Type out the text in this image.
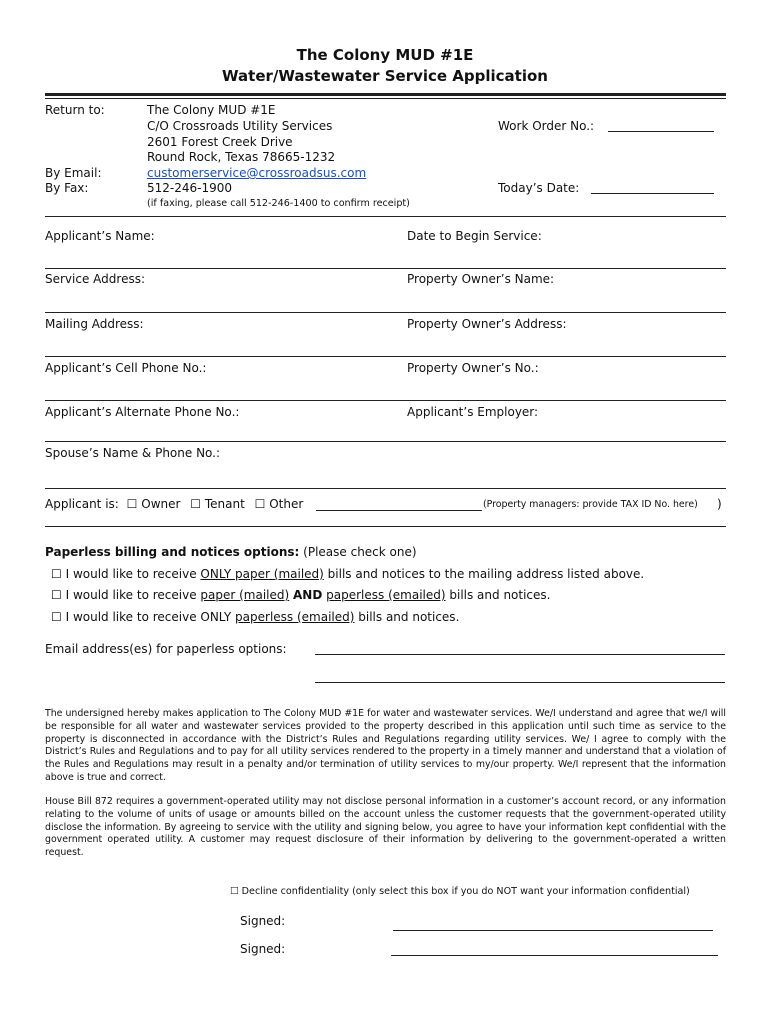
The Colony MUD #1E
Water/Wastewater Service Application
Return to:	The Colony MUD #1E
C/O Crossroads Utility Services
2601 Forest Creek Drive
Round Rock, Texas 78665-1232
By Email:	customerservice@crossroadsus.com
By Fax:	512-246-1900
(if faxing, please call 512-246-1400 to confirm receipt)
Work Order No.:
Today’s Date:
Applicant’s Name:	Date to Begin Service:
Service Address:	Property Owner’s Name:
Mailing Address:	Property Owner’s Address:
Applicant’s Cell Phone No.:	Property Owner’s No.:
Applicant’s Alternate Phone No.:	Applicant’s Employer:
Spouse’s Name & Phone No.:
Applicant is: ☐ Owner ☐ Tenant ☐ Other	(Property managers: provide TAX ID No. here) )
Paperless billing and notices options: (Please check one)
☐ I would like to receive ONLY paper (mailed) bills and notices to the mailing address listed above.
☐ I would like to receive paper (mailed) AND paperless (emailed) bills and notices.
☐ I would like to receive ONLY paperless (emailed) bills and notices.
Email address(es) for paperless options:
The undersigned hereby makes application to The Colony MUD #1E for water and wastewater services. We/I understand and agree that we/I will be responsible for all water and wastewater services provided to the property described in this application until such time as service to the property is disconnected in accordance with the District’s Rules and Regulations regarding utility services. We/ I agree to comply with the District’s Rules and Regulations and to pay for all utility services rendered to the property in a timely manner and understand that a violation of the Rules and Regulations may result in a penalty and/or termination of utility services to my/our property. We/I represent that the information above is true and correct.
House Bill 872 requires a government-operated utility may not disclose personal information in a customer’s account record, or any information relating to the volume of units of usage or amounts billed on the account unless the customer requests that the government-operated utility disclose the information. By agreeing to service with the utility and signing below, you agree to have your information kept confidential with the government operated utility. A customer may request disclosure of their information by delivering to the government-operated a written request.
☐ Decline confidentiality (only select this box if you do NOT want your information confidential)
Signed:
Signed:
